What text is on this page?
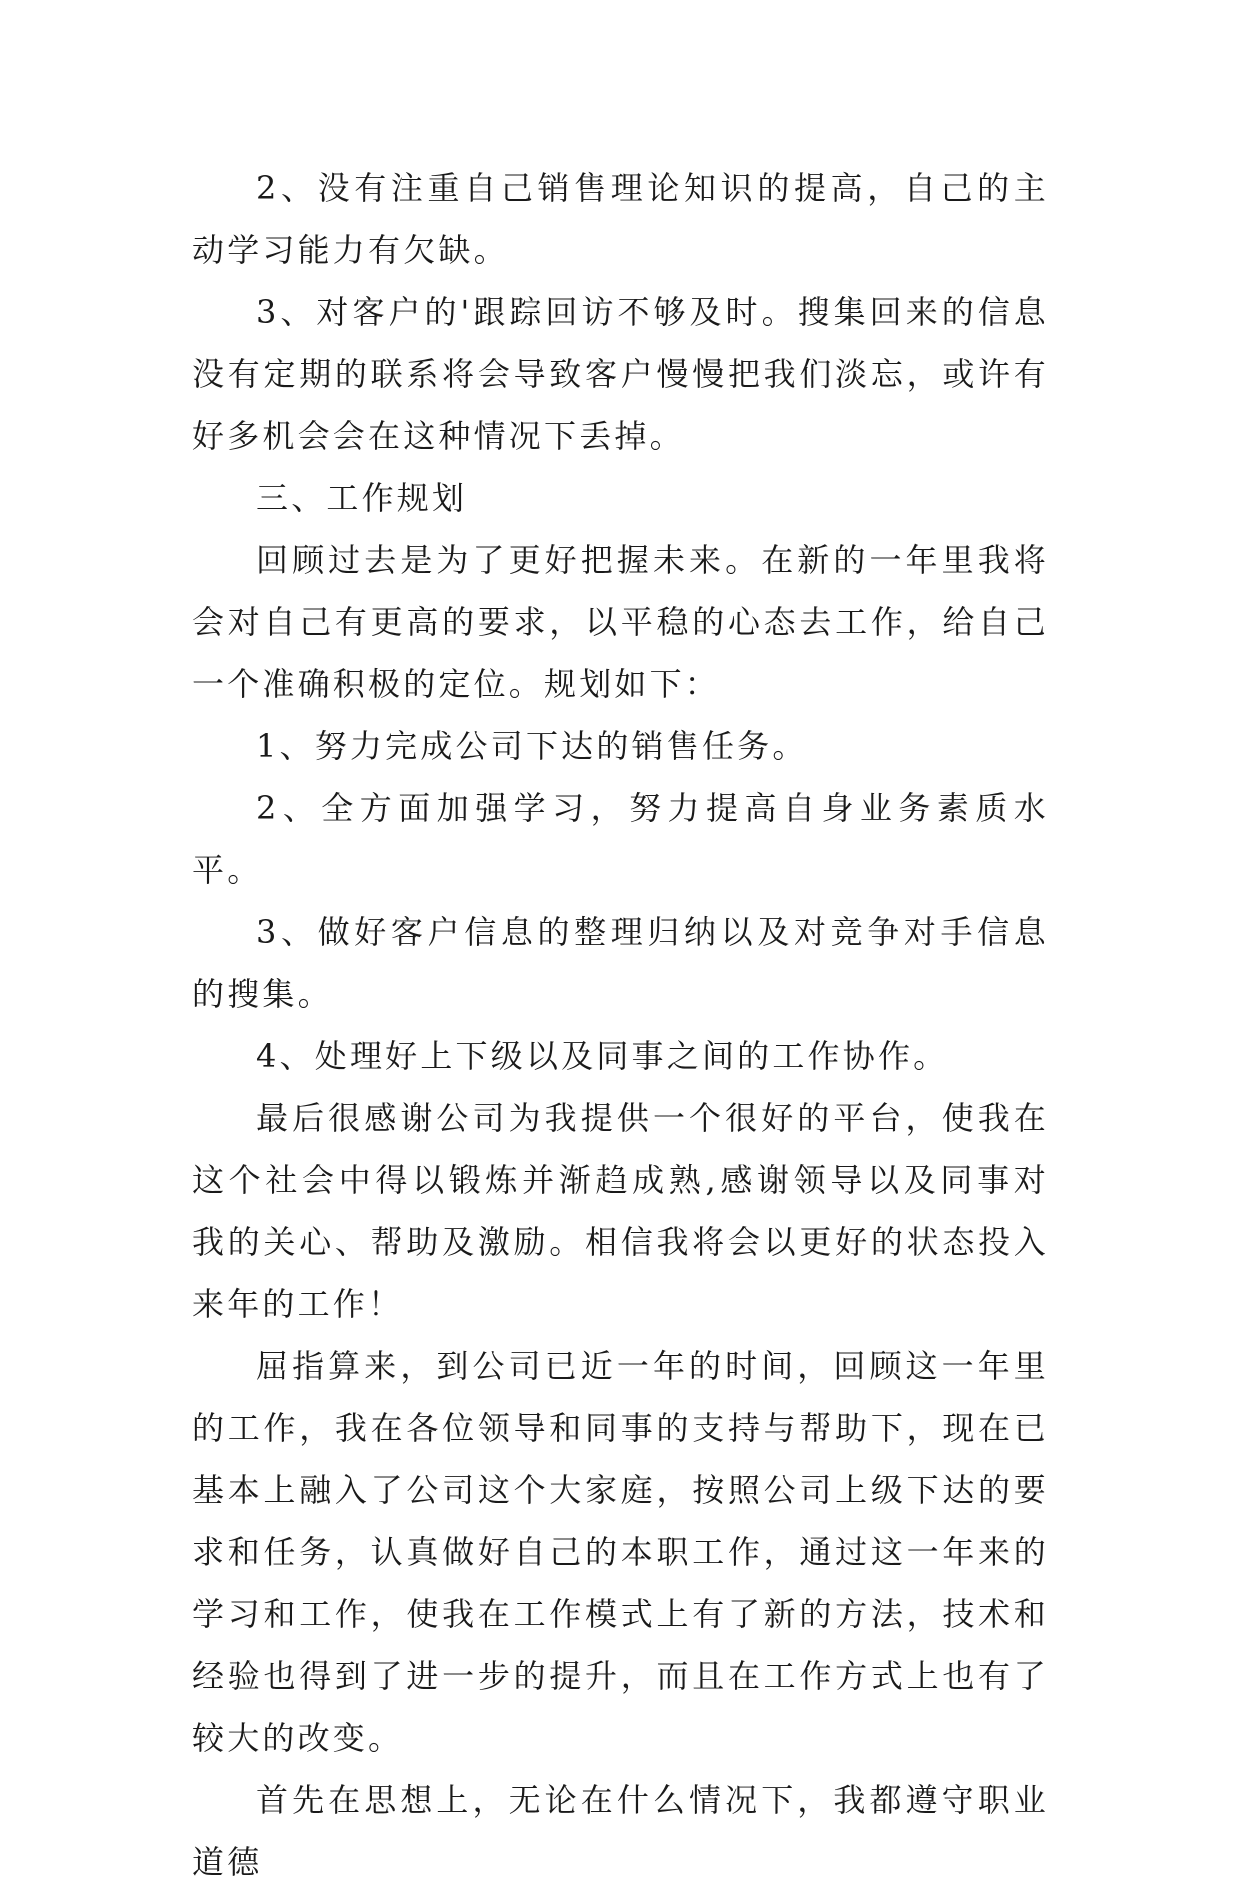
2、没有注重自己销售理论知识的提高，自己的主动学习能力有欠缺。

3、对客户的'跟踪回访不够及时。搜集回来的信息没有定期的联系将会导致客户慢慢把我们淡忘，或许有好多机会会在这种情况下丢掉。

三、工作规划

回顾过去是为了更好把握未来。在新的一年里我将会对自己有更高的要求，以平稳的心态去工作，给自己一个准确积极的定位。规划如下：

1、努力完成公司下达的销售任务。

2、全方面加强学习，努力提高自身业务素质水平。

3、做好客户信息的整理归纳以及对竞争对手信息的搜集。

4、处理好上下级以及同事之间的工作协作。

最后很感谢公司为我提供一个很好的平台，使我在这个社会中得以锻炼并渐趋成熟,感谢领导以及同事对我的关心、帮助及激励。相信我将会以更好的状态投入来年的工作！

屈指算来，到公司已近一年的时间，回顾这一年里的工作，我在各位领导和同事的支持与帮助下，现在已基本上融入了公司这个大家庭，按照公司上级下达的要求和任务，认真做好自己的本职工作，通过这一年来的学习和工作，使我在工作模式上有了新的方法，技术和经验也得到了进一步的提升，而且在工作方式上也有了较大的改变。

首先在思想上，无论在什么情况下，我都遵守职业道德
